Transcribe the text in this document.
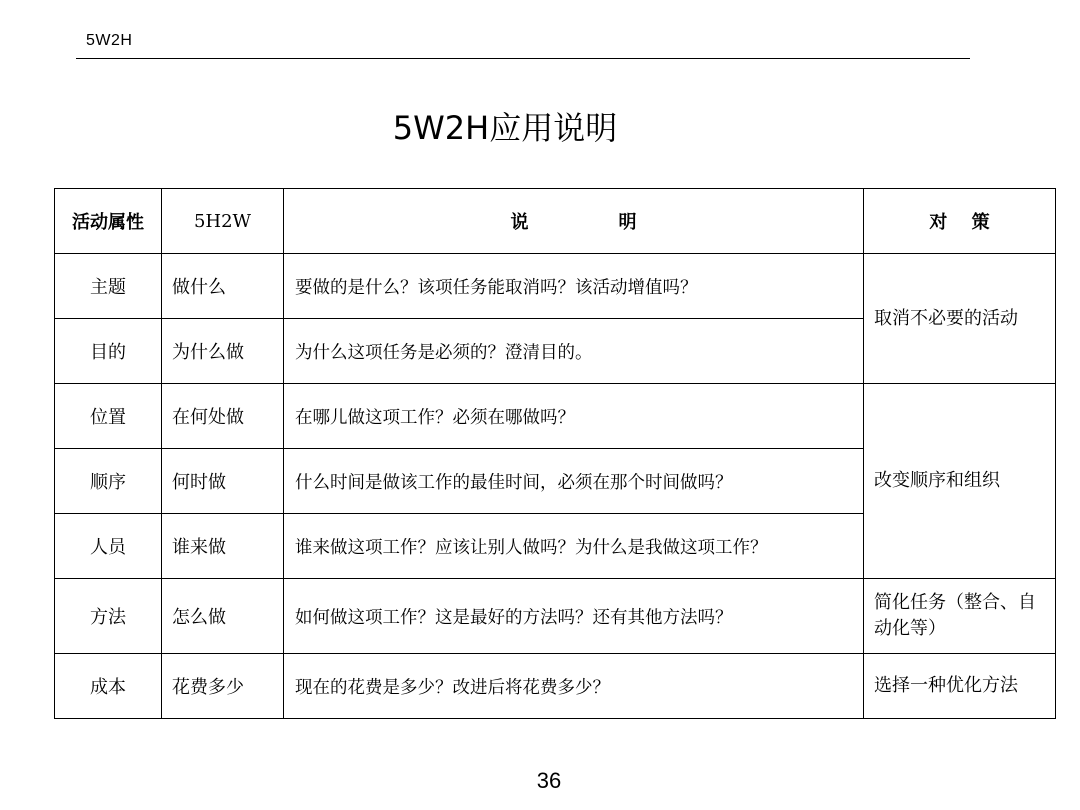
5W2H
5W2H应用说明
活动属性	5H2W	说　　　　　明	对　 策
主题	做什么	要做的是什么？该项任务能取消吗？该活动增值吗？	取消不必要的活动
目的	为什么做	为什么这项任务是必须的？澄清目的。	
位置	在何处做	在哪儿做这项工作？必须在哪做吗？	改变顺序和组织
顺序	何时做	什么时间是做该工作的最佳时间，必须在那个时间做吗？	
人员	谁来做	谁来做这项工作？应该让别人做吗？为什么是我做这项工作？	
方法	怎么做	如何做这项工作？这是最好的方法吗？还有其他方法吗？	简化任务（整合、自动化等）
成本	花费多少	现在的花费是多少？改进后将花费多少？	选择一种优化方法
36
